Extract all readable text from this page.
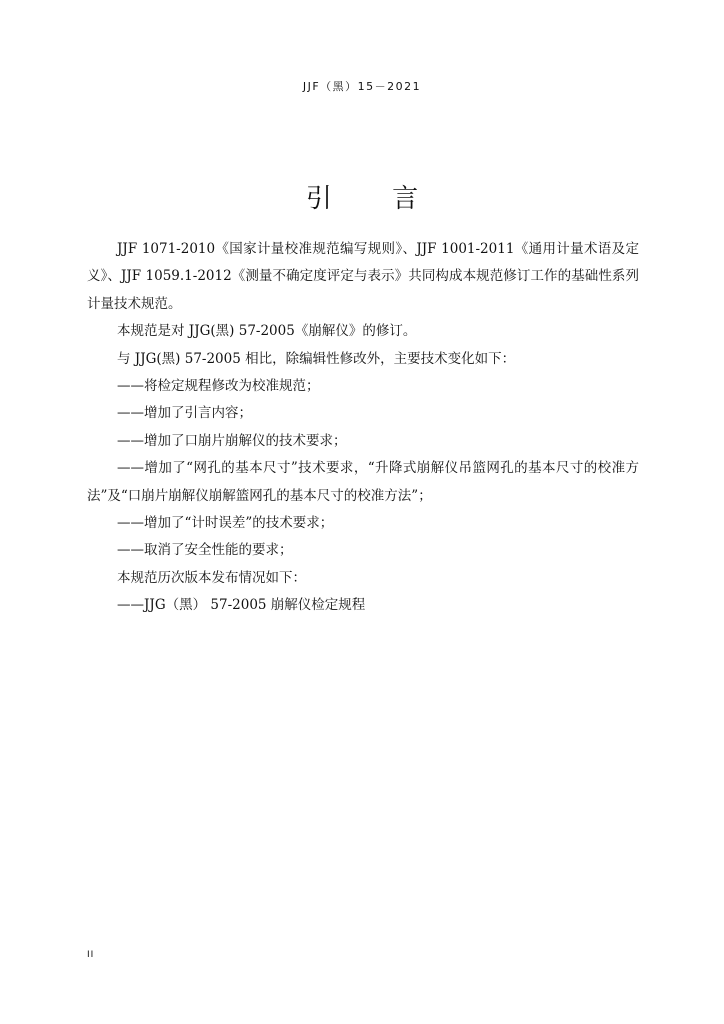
JJF（黑）15－2021
引 言

JJF 1071-2010《国家计量校准规范编写规则》、JJF 1001-2011《通用计量术语及定义》、JJF 1059.1-2012《测量不确定度评定与表示》共同构成本规范修订工作的基础性系列计量技术规范。

本规范是对 JJG(黑) 57-2005《崩解仪》的修订。

与 JJG(黑) 57-2005 相比，除编辑性修改外，主要技术变化如下：

——将检定规程修改为校准规范；

——增加了引言内容；

——增加了口崩片崩解仪的技术要求；

——增加了“网孔的基本尺寸”技术要求，“升降式崩解仪吊篮网孔的基本尺寸的校准方法”及“口崩片崩解仪崩解篮网孔的基本尺寸的校准方法”；

——增加了“计时误差”的技术要求；

——取消了安全性能的要求；

本规范历次版本发布情况如下：

——JJG（黑） 57-2005 崩解仪检定规程

II
